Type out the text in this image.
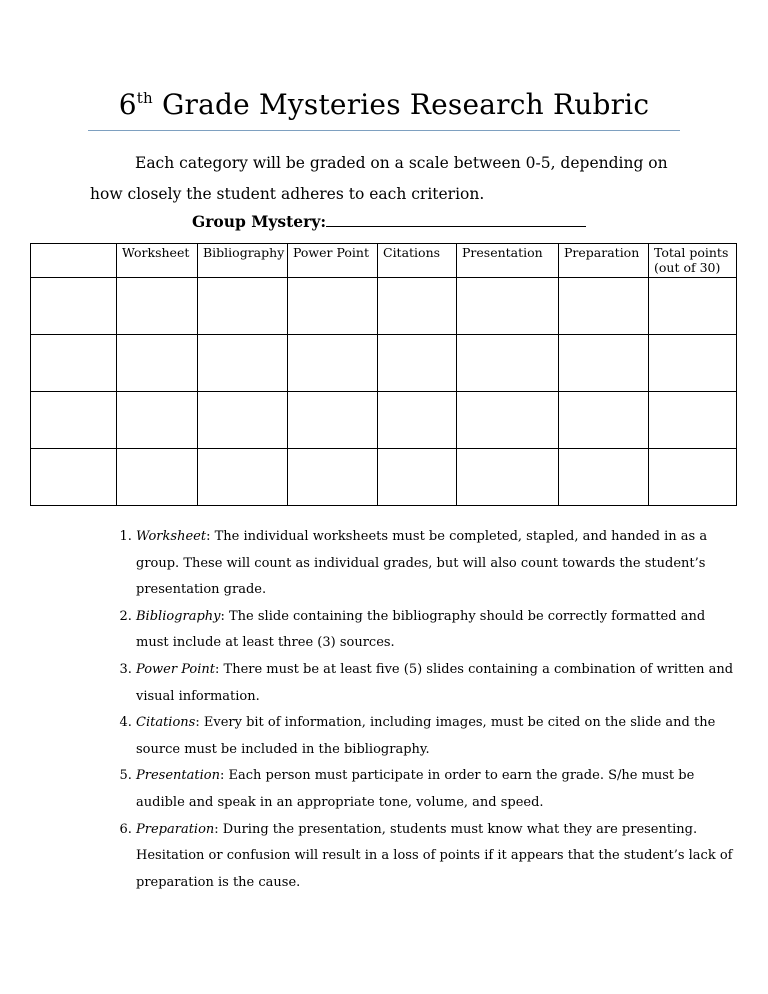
6th Grade Mysteries Research Rubric
Each category will be graded on a scale between 0-5, depending on how closely the student adheres to each criterion.
Group Mystery:
	Worksheet	Bibliography	Power Point	Citations	Presentation	Preparation	Total points (out of 30)

1. Worksheet: The individual worksheets must be completed, stapled, and handed in as a group. These will count as individual grades, but will also count towards the student’s presentation grade.
2. Bibliography: The slide containing the bibliography should be correctly formatted and must include at least three (3) sources.
3. Power Point: There must be at least five (5) slides containing a combination of written and visual information.
4. Citations: Every bit of information, including images, must be cited on the slide and the source must be included in the bibliography.
5. Presentation: Each person must participate in order to earn the grade. S/he must be audible and speak in an appropriate tone, volume, and speed.
6. Preparation: During the presentation, students must know what they are presenting. Hesitation or confusion will result in a loss of points if it appears that the student’s lack of preparation is the cause.
